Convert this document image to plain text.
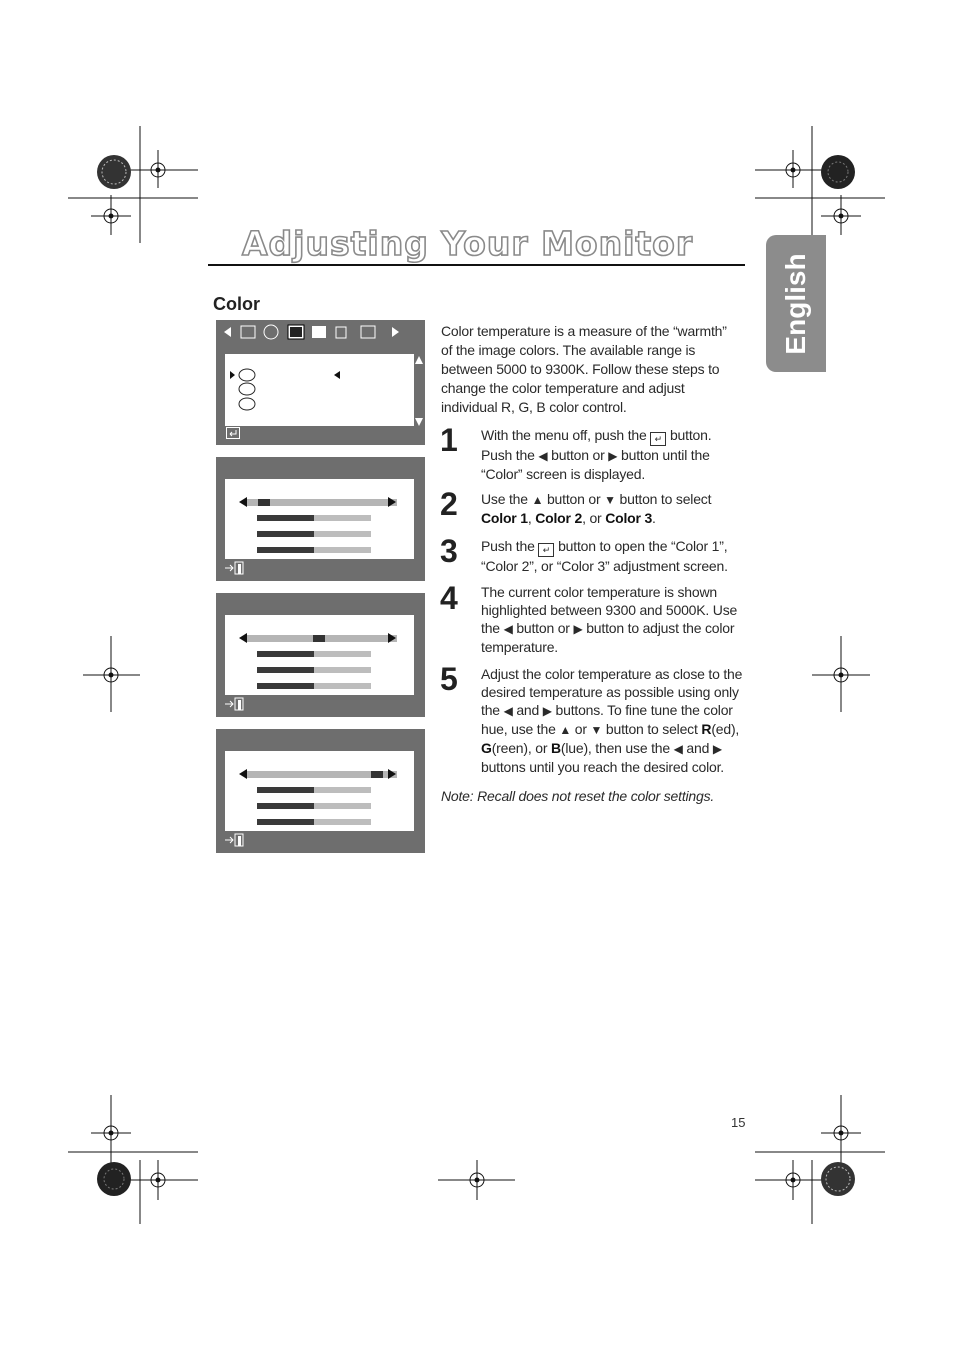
Adjusting Your Monitor
English
Color
Color temperature is a measure of the “warmth” of the image colors. The available range is between 5000 to 9300K. Follow these steps to change the color temperature and adjust individual R, G, B color control.
1 With the menu off, push the ↵ button. Push the ◀ button or ▶ button until the “Color” screen is displayed.
2 Use the ▲ button or ▼ button to select Color 1, Color 2, or Color 3.
3 Push the ↵ button to open the “Color 1”, “Color 2”, or “Color 3” adjustment screen.
4 The current color temperature is shown highlighted between 9300 and 5000K. Use the ◀ button or ▶ button to adjust the color temperature.
5 Adjust the color temperature as close to the desired temperature as possible using only the ◀ and ▶ buttons. To fine tune the color hue, use the ▲ or ▼ button to select R(ed), G(reen), or B(lue), then use the ◀ and ▶ buttons until you reach the desired color.
Note: Recall does not reset the color settings.
15
